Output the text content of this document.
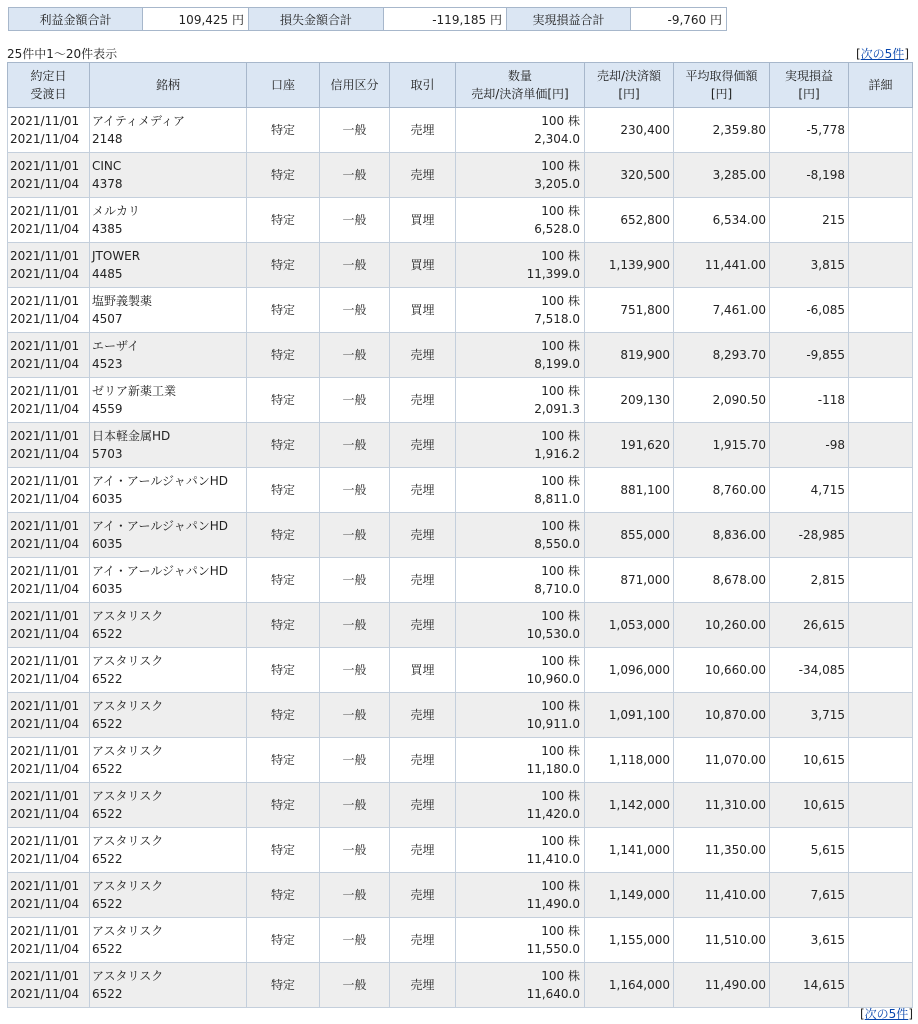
利益金額合計	109,425 円	損失金額合計	-119,185 円	実現損益合計	-9,760 円
25件中1〜20件表示	[次の5件]
約定日
受渡日	銘柄	口座	信用区分	取引	数量
売却/決済単価[円]	売却/決済額
[円]	平均取得価額
[円]	実現損益
[円]	詳細

2021/11/01
2021/11/04	アイティメディア
2148	特定	一般	売埋	100 株
2,304.0	230,400	2,359.80	-5,778	

2021/11/01
2021/11/04	CINC
4378	特定	一般	売埋	100 株
3,205.0	320,500	3,285.00	-8,198	

2021/11/01
2021/11/04	メルカリ
4385	特定	一般	買埋	100 株
6,528.0	652,800	6,534.00	215	

2021/11/01
2021/11/04	JTOWER
4485	特定	一般	買埋	100 株
11,399.0	1,139,900	11,441.00	3,815	

2021/11/01
2021/11/04	塩野義製薬
4507	特定	一般	買埋	100 株
7,518.0	751,800	7,461.00	-6,085	

2021/11/01
2021/11/04	エーザイ
4523	特定	一般	売埋	100 株
8,199.0	819,900	8,293.70	-9,855	

2021/11/01
2021/11/04	ゼリア新薬工業
4559	特定	一般	売埋	100 株
2,091.3	209,130	2,090.50	-118	

2021/11/01
2021/11/04	日本軽金属HD
5703	特定	一般	売埋	100 株
1,916.2	191,620	1,915.70	-98	

2021/11/01
2021/11/04	アイ・アールジャパンHD
6035	特定	一般	売埋	100 株
8,811.0	881,100	8,760.00	4,715	

2021/11/01
2021/11/04	アイ・アールジャパンHD
6035	特定	一般	売埋	100 株
8,550.0	855,000	8,836.00	-28,985	

2021/11/01
2021/11/04	アイ・アールジャパンHD
6035	特定	一般	売埋	100 株
8,710.0	871,000	8,678.00	2,815	

2021/11/01
2021/11/04	アスタリスク
6522	特定	一般	売埋	100 株
10,530.0	1,053,000	10,260.00	26,615	

2021/11/01
2021/11/04	アスタリスク
6522	特定	一般	買埋	100 株
10,960.0	1,096,000	10,660.00	-34,085	

2021/11/01
2021/11/04	アスタリスク
6522	特定	一般	売埋	100 株
10,911.0	1,091,100	10,870.00	3,715	

2021/11/01
2021/11/04	アスタリスク
6522	特定	一般	売埋	100 株
11,180.0	1,118,000	11,070.00	10,615	

2021/11/01
2021/11/04	アスタリスク
6522	特定	一般	売埋	100 株
11,420.0	1,142,000	11,310.00	10,615	

2021/11/01
2021/11/04	アスタリスク
6522	特定	一般	売埋	100 株
11,410.0	1,141,000	11,350.00	5,615	

2021/11/01
2021/11/04	アスタリスク
6522	特定	一般	売埋	100 株
11,490.0	1,149,000	11,410.00	7,615	

2021/11/01
2021/11/04	アスタリスク
6522	特定	一般	売埋	100 株
11,550.0	1,155,000	11,510.00	3,615	

2021/11/01
2021/11/04	アスタリスク
6522	特定	一般	売埋	100 株
11,640.0	1,164,000	11,490.00	14,615	
[次の5件]
